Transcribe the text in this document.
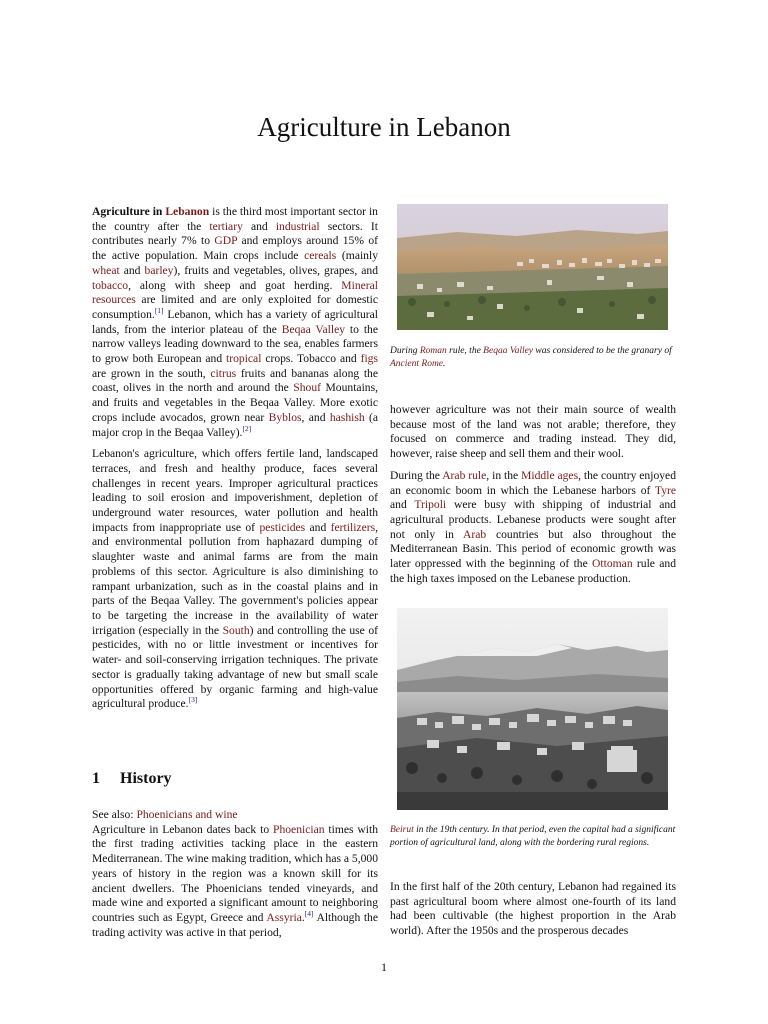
Agriculture in Lebanon

Agriculture in Lebanon is the third most important sector in the country after the tertiary and industrial sectors. It contributes nearly 7% to GDP and employs around 15% of the active population. Main crops include cereals (mainly wheat and barley), fruits and vegetables, olives, grapes, and tobacco, along with sheep and goat herding. Mineral resources are limited and are only exploited for domestic consumption.[1] Lebanon, which has a variety of agricultural lands, from the interior plateau of the Beqaa Valley to the narrow valleys leading downward to the sea, enables farmers to grow both European and tropical crops. Tobacco and figs are grown in the south, citrus fruits and bananas along the coast, olives in the north and around the Shouf Mountains, and fruits and vegetables in the Beqaa Valley. More exotic crops include avocados, grown near Byblos, and hashish (a major crop in the Beqaa Valley).[2]

Lebanon's agriculture, which offers fertile land, landscaped terraces, and fresh and healthy produce, faces several challenges in recent years. Improper agricultural practices leading to soil erosion and impoverishment, depletion of underground water resources, water pollution and health impacts from inappropriate use of pesticides and fertilizers, and environmental pollution from haphazard dumping of slaughter waste and animal farms are from the main problems of this sector. Agriculture is also diminishing to rampant urbanization, such as in the coastal plains and in parts of the Beqaa Valley. The government's policies appear to be targeting the increase in the availability of water irrigation (especially in the South) and controlling the use of pesticides, with no or little investment or incentives for water- and soil-conserving irrigation techniques. The private sector is gradually taking advantage of new but small scale opportunities offered by organic farming and high-value agricultural produce.[3]

1 History

See also: Phoenicians and wine

Agriculture in Lebanon dates back to Phoenician times with the first trading activities tacking place in the eastern Mediterranean. The wine making tradition, which has a 5,000 years of history in the region was a known skill for its ancient dwellers. The Phoenicians tended vineyards, and made wine and exported a significant amount to neighboring countries such as Egypt, Greece and Assyria.[4] Although the trading activity was active in that period,

During Roman rule, the Beqaa Valley was considered to be the granary of Ancient Rome.

however agriculture was not their main source of wealth because most of the land was not arable; therefore, they focused on commerce and trading instead. They did, however, raise sheep and sell them and their wool.

During the Arab rule, in the Middle ages, the country enjoyed an economic boom in which the Lebanese harbors of Tyre and Tripoli were busy with shipping of industrial and agricultural products. Lebanese products were sought after not only in Arab countries but also throughout the Mediterranean Basin. This period of economic growth was later oppressed with the beginning of the Ottoman rule and the high taxes imposed on the Lebanese production.

Beirut in the 19th century. In that period, even the capital had a significant portion of agricultural land, along with the bordering rural regions.

In the first half of the 20th century, Lebanon had regained its past agricultural boom where almost one-fourth of its land had been cultivable (the highest proportion in the Arab world). After the 1950s and the prosperous decades

1
